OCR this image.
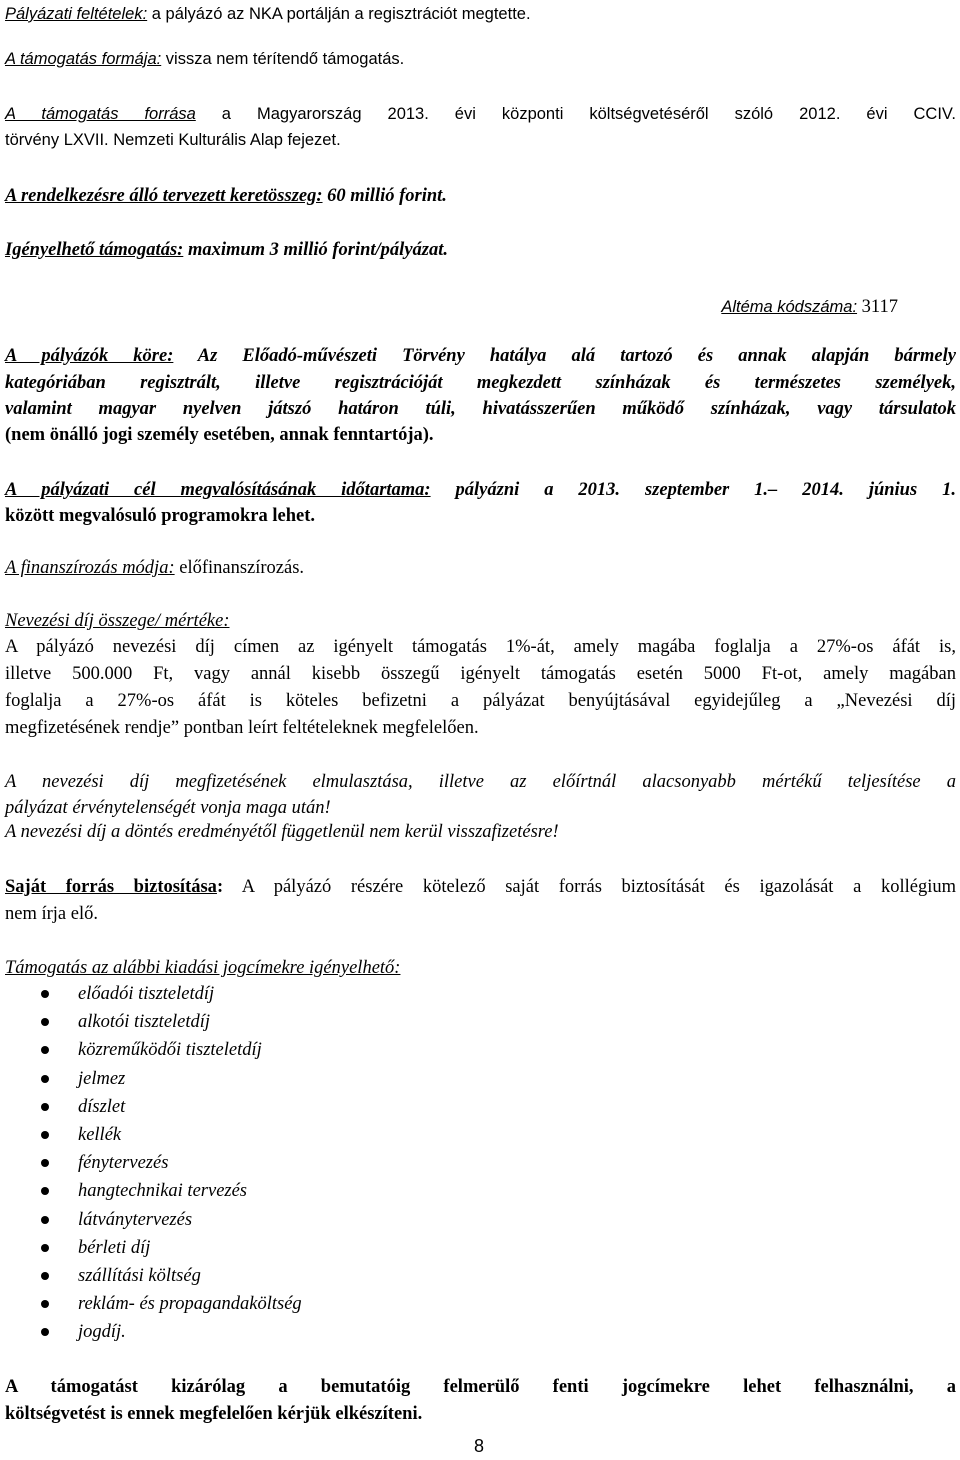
Pályázati feltételek: a pályázó az NKA portálján a regisztrációt megtette.
A támogatás formája: vissza nem térítendő támogatás.
A támogatás forrása a Magyarország 2013. évi központi költségvetéséről szóló 2012. évi CCIV.
törvény LXVII. Nemzeti Kulturális Alap fejezet.
A rendelkezésre álló tervezett keretösszeg: 60 millió forint.
Igényelhető támogatás: maximum 3 millió forint/pályázat.
Altéma kódszáma: 3117
A pályázók köre: Az Előadó-művészeti Törvény hatálya alá tartozó és annak alapján bármely
kategóriában regisztrált, illetve regisztrációját megkezdett színházak és természetes személyek,
valamint magyar nyelven játszó határon túli, hivatásszerűen működő színházak, vagy társulatok
(nem önálló jogi személy esetében, annak fenntartója).
A pályázati cél megvalósításának időtartama: pályázni a 2013. szeptember 1.– 2014. június 1.
között megvalósuló programokra lehet.
A finanszírozás módja: előfinanszírozás.
Nevezési díj összege/ mértéke:
A pályázó nevezési díj címen az igényelt támogatás 1%-át, amely magába foglalja a 27%-os áfát is,
illetve 500.000 Ft, vagy annál kisebb összegű igényelt támogatás esetén 5000 Ft-ot, amely magában
foglalja a 27%-os áfát is köteles befizetni a pályázat benyújtásával egyidejűleg a „Nevezési díj
megfizetésének rendje” pontban leírt feltételeknek megfelelően.
A nevezési díj megfizetésének elmulasztása, illetve az előírtnál alacsonyabb mértékű teljesítése a
pályázat érvénytelenségét vonja maga után!
A nevezési díj a döntés eredményétől függetlenül nem kerül visszafizetésre!
Saját forrás biztosítása: A pályázó részére kötelező saját forrás biztosítását és igazolását a kollégium
nem írja elő.
Támogatás az alábbi kiadási jogcímekre igényelhető:
előadói tiszteletdíj
alkotói tiszteletdíj
közreműködői tiszteletdíj
jelmez
díszlet
kellék
fénytervezés
hangtechnikai tervezés
látványtervezés
bérleti díj
szállítási költség
reklám- és propagandaköltség
jogdíj.
A támogatást kizárólag a bemutatóig felmerülő fenti jogcímekre lehet felhasználni, a
költségvetést is ennek megfelelően kérjük elkészíteni.
8
